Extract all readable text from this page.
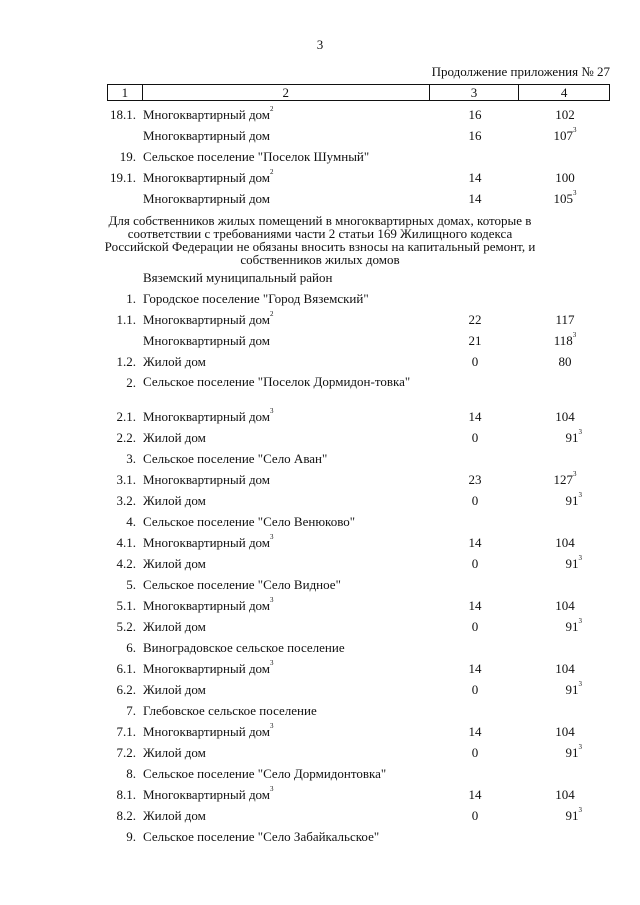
3
Продолжение приложения № 27
1	2	3	4
18.1. Многоквартирный дом$^2$	16	102
Многоквартирный дом	16	$107^3$
19. Сельское поселение "Поселок Шумный"
19.1. Многоквартирный дом$^2$	14	100
Многоквартирный дом	14	$105^3$
Для собственников жилых помещений в многоквартирных домах, которые в соответствии с требованиями части 2 статьи 169 Жилищного кодекса Российской Федерации не обязаны вносить взносы на капитальный ремонт, и собственников жилых домов
Вяземский муниципальный район
1. Городское поселение "Город Вяземский"
1.1. Многоквартирный дом$^2$	22	117
Многоквартирный дом	21	$118^3$
1.2. Жилой дом	0	80
2. Сельское поселение "Поселок Дормидон-товка"
2.1. Многоквартирный дом$^3$	14	104
2.2. Жилой дом	0	$91^3$
3. Сельское поселение "Село Аван"
3.1. Многоквартирный дом	23	$127^3$
3.2. Жилой дом	0	$91^3$
4. Сельское поселение "Село Венюково"
4.1. Многоквартирный дом$^3$	14	104
4.2. Жилой дом	0	$91^3$
5. Сельское поселение "Село Видное"
5.1. Многоквартирный дом$^3$	14	104
5.2. Жилой дом	0	$91^3$
6. Виноградовское сельское поселение
6.1. Многоквартирный дом$^3$	14	104
6.2. Жилой дом	0	$91^3$
7. Глебовское сельское поселение
7.1. Многоквартирный дом$^3$	14	104
7.2. Жилой дом	0	$91^3$
8. Сельское поселение "Село Дормидонтовка"
8.1. Многоквартирный дом$^3$	14	104
8.2. Жилой дом	0	$91^3$
9. Сельское поселение "Село Забайкальское"
